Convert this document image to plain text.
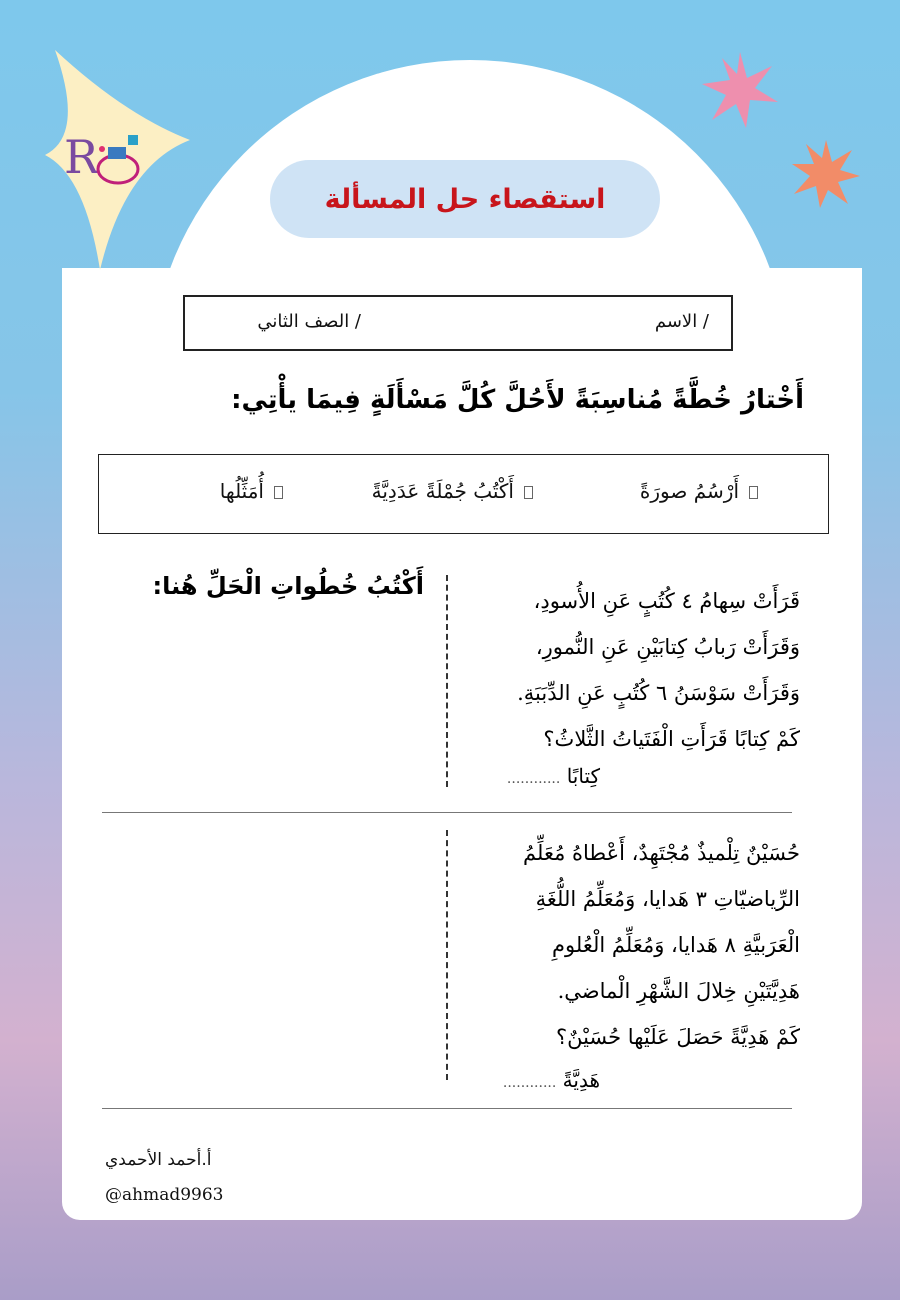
R
استقصاء حل المسألة
الاسم /
الصف الثاني /
أَخْتارُ خُطَّةً مُناسِبَةً لأَحُلَّ كُلَّ مَسْأَلَةٍ فِيمَا يأْتِي:
أَرْسُمُ صورَةً
أَكْتُبُ جُمْلَةً عَدَدِيَّةً
أُمَثِّلُها
أَكْتُبُ خُطُواتِ الْحَلِّ هُنا:
قَرَأَتْ سِهامُ ٤ كُتُبٍ عَنِ الأُسودِ،
وَقَرَأَتْ رَبابُ كِتابَيْنِ عَنِ النُّمورِ،
وَقَرَأَتْ سَوْسَنُ ٦ كُتُبٍ عَنِ الدِّبَبَةِ.
كَمْ كِتابًا قَرَأَتِ الْفَتَياتُ الثَّلاثُ؟
كِتابًا ............
حُسَيْنٌ تِلْميذٌ مُجْتَهِدٌ، أَعْطاهُ مُعَلِّمُ
الرِّياضيّاتِ ٣ هَدايا، وَمُعَلِّمُ اللُّغَةِ
الْعَرَبيَّةِ ٨ هَدايا، وَمُعَلِّمُ الْعُلومِ
هَدِيَّتَيْنِ خِلالَ الشَّهْرِ الْماضي.
كَمْ هَدِيَّةً حَصَلَ عَلَيْها حُسَيْنٌ؟
هَدِيَّةً ............
أ.أحمد الأحمدي
@ahmad9963
